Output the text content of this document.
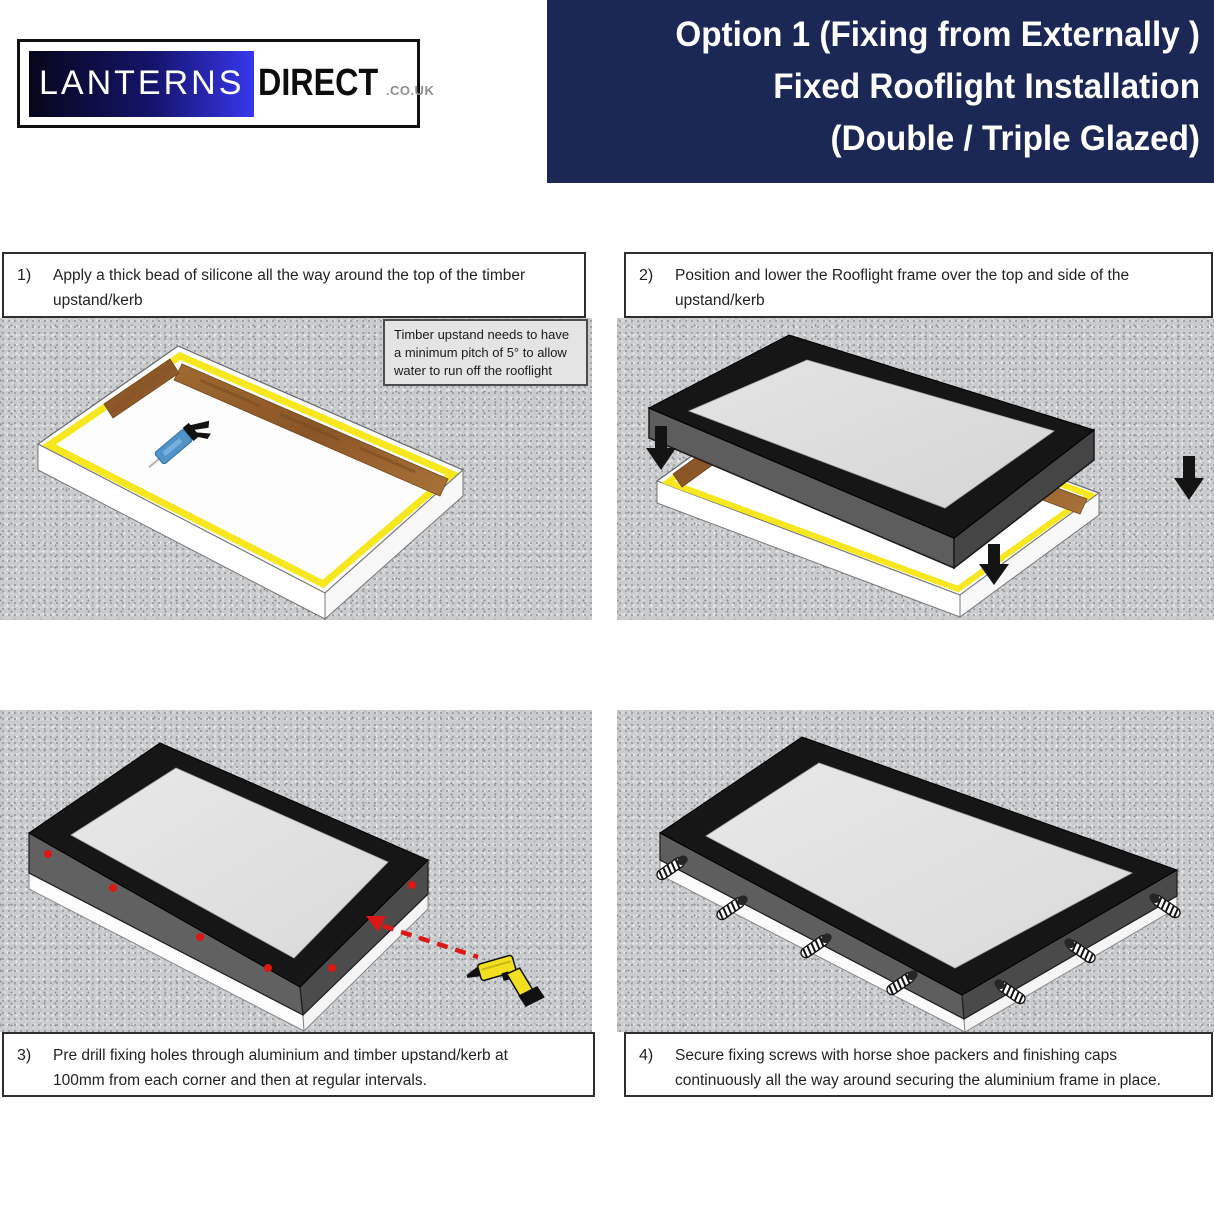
LANTERNS DIRECT .CO.UK
Option 1 (Fixing from Externally )
Fixed Rooflight Installation
(Double / Triple Glazed)
1)	Apply a thick bead of silicone all the way around the top of the timber
upstand/kerb
2)	Position and lower the Rooflight frame over the top and side of the
upstand/kerb
3)	Pre drill fixing holes through aluminium and timber upstand/kerb at
100mm from each corner and then at regular intervals.
4)	Secure fixing screws with horse shoe packers and finishing caps
continuously all the way around securing the aluminium frame in place.
Timber upstand needs to have
a minimum pitch of 5° to allow
water to run off the rooflight
